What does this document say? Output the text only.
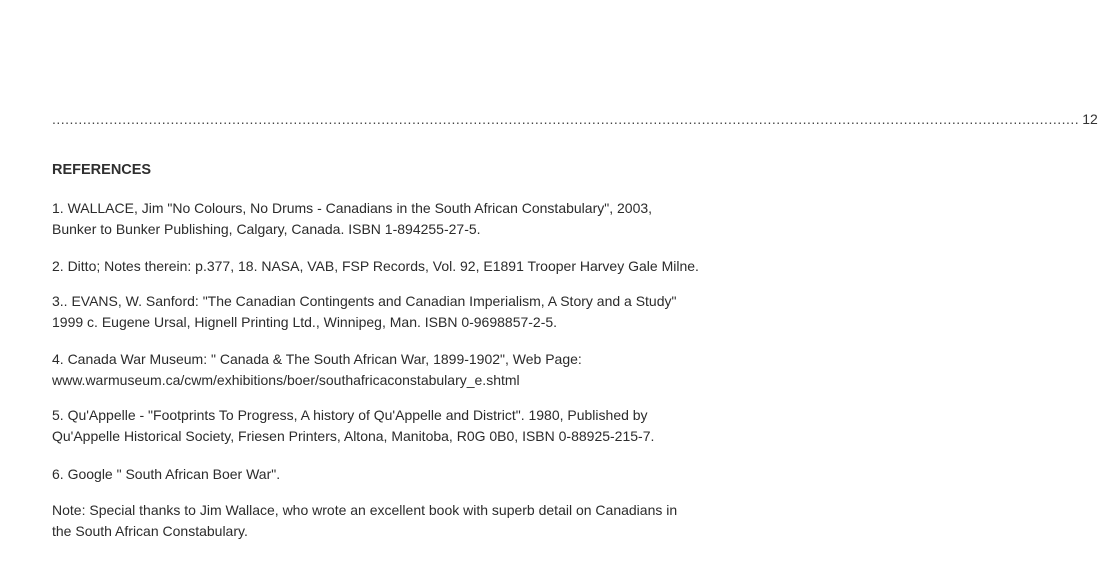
.......................................................................................................................................................................................................................................... 12
REFERENCES

1. WALLACE, Jim "No Colours, No Drums - Canadians in the South African Constabulary", 2003,
Bunker to Bunker Publishing, Calgary, Canada. ISBN 1-894255-27-5.

2. Ditto; Notes therein: p.377, 18. NASA, VAB, FSP Records, Vol. 92, E1891 Trooper Harvey Gale Milne.

3.. EVANS, W. Sanford: "The Canadian Contingents and Canadian Imperialism, A Story and a Study"
1999 c. Eugene Ursal, Hignell Printing Ltd., Winnipeg, Man. ISBN 0-9698857-2-5.

4. Canada War Museum: " Canada & The South African War, 1899-1902", Web Page:
www.warmuseum.ca/cwm/exhibitions/boer/southafricaconstabulary_e.shtml

5. Qu'Appelle - "Footprints To Progress, A history of Qu'Appelle and District". 1980, Published by
Qu'Appelle Historical Society, Friesen Printers, Altona, Manitoba, R0G 0B0, ISBN 0-88925-215-7.

6. Google " South African Boer War".

Note: Special thanks to Jim Wallace, who wrote an excellent book with superb detail on Canadians in
the South African Constabulary.
